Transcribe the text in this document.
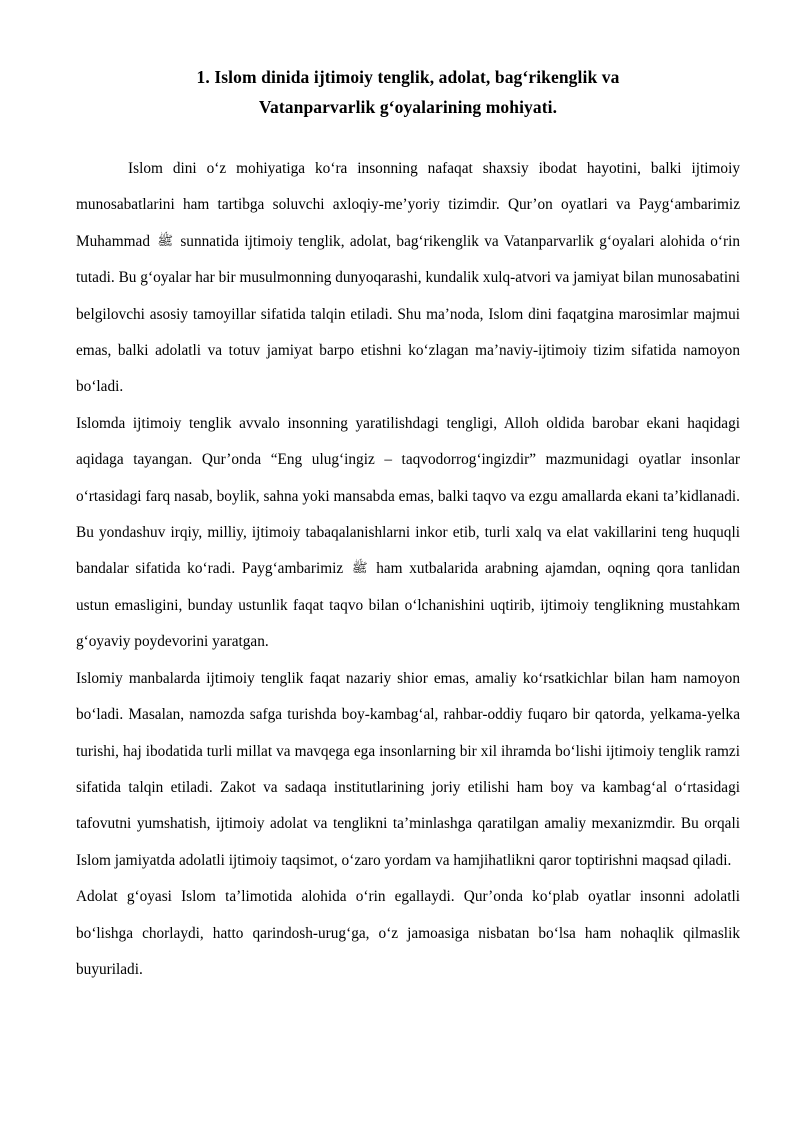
1. Islom dinida ijtimoiy tenglik, adolat, bag‘rikenglik va
Vatanparvarlik g‘oyalarining mohiyati.

Islom dini o‘z mohiyatiga ko‘ra insonning nafaqat shaxsiy ibodat hayotini, balki ijtimoiy munosabatlarini ham tartibga soluvchi axloqiy-me’yoriy tizimdir. Qur’on oyatlari va Payg‘ambarimiz Muhammad ﷺ sunnatida ijtimoiy tenglik, adolat, bag‘rikenglik va Vatanparvarlik g‘oyalari alohida o‘rin tutadi. Bu g‘oyalar har bir musulmonning dunyoqarashi, kundalik xulq-atvori va jamiyat bilan munosabatini belgilovchi asosiy tamoyillar sifatida talqin etiladi. Shu ma’noda, Islom dini faqatgina marosimlar majmui emas, balki adolatli va totuv jamiyat barpo etishni ko‘zlagan ma’naviy-ijtimoiy tizim sifatida namoyon bo‘ladi.

Islomda ijtimoiy tenglik avvalo insonning yaratilishdagi tengligi, Alloh oldida barobar ekani haqidagi aqidaga tayangan. Qur’onda “Eng ulug‘ingiz – taqvodorrog‘ingizdir” mazmunidagi oyatlar insonlar o‘rtasidagi farq nasab, boylik, sahna yoki mansabda emas, balki taqvo va ezgu amallarda ekani ta’kidlanadi. Bu yondashuv irqiy, milliy, ijtimoiy tabaqalanishlarni inkor etib, turli xalq va elat vakillarini teng huquqli bandalar sifatida ko‘radi. Payg‘ambarimiz ﷺ ham xutbalarida arabning ajamdan, oqning qora tanlidan ustun emasligini, bunday ustunlik faqat taqvo bilan o‘lchanishini uqtirib, ijtimoiy tenglikning mustahkam g‘oyaviy poydevorini yaratgan.

Islomiy manbalarda ijtimoiy tenglik faqat nazariy shior emas, amaliy ko‘rsatkichlar bilan ham namoyon bo‘ladi. Masalan, namozda safga turishda boy-kambag‘al, rahbar-oddiy fuqaro bir qatorda, yelkama-yelka turishi, haj ibodatida turli millat va mavqega ega insonlarning bir xil ihramda bo‘lishi ijtimoiy tenglik ramzi sifatida talqin etiladi. Zakot va sadaqa institutlarining joriy etilishi ham boy va kambag‘al o‘rtasidagi tafovutni yumshatish, ijtimoiy adolat va tenglikni ta’minlashga qaratilgan amaliy mexanizmdir. Bu orqali Islom jamiyatda adolatli ijtimoiy taqsimot, o‘zaro yordam va hamjihatlikni qaror toptirishni maqsad qiladi.

Adolat g‘oyasi Islom ta’limotida alohida o‘rin egallaydi. Qur’onda ko‘plab oyatlar insonni adolatli bo‘lishga chorlaydi, hatto qarindosh-urug‘ga, o‘z jamoasiga nisbatan bo‘lsa ham nohaqlik qilmaslik buyuriladi.
